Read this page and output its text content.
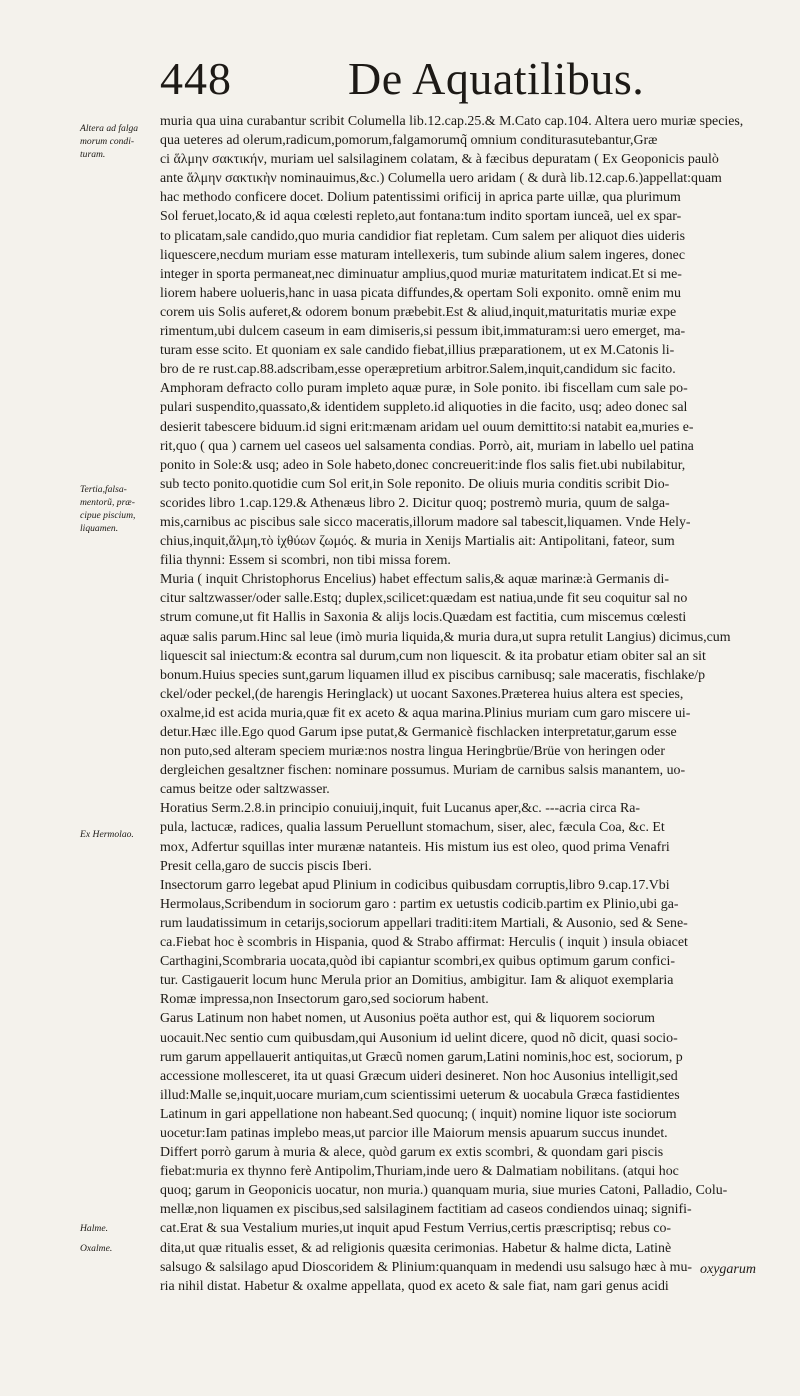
448	De Aquatilibus.
Altera ad falga
morum condi-
turam.
Tertia,falsa-
mentorũ, præ-
cipue piscium,
liquamen.
Ex Hermolao.
Halme.
Oxalme.
muria qua uina curabantur scribit Columella lib.12.cap.25.& M.Cato cap.104. Altera uero muriæ species,
qua ueteres ad olerum,radicum,pomorum,falgamorumq̃ omnium conditurasutebantur,Græ
ci ἅλμην σακτικήν, muriam uel salsilaginem colatam, & à fæcibus depuratam ( Ex Geoponicis paulò
ante ἅλμην σακτικὴν nominauimus,&c.) Columella uero aridam ( & durà lib.12.cap.6.)appellat:quam
hac methodo conficere docet. Dolium patentissimi orificij in aprica parte uillæ, qua plurimum
Sol feruet,locato,& id aqua cœlesti repleto,aut fontana:tum indito sportam iunceã, uel ex spar-
to plicatam,sale candido,quo muria candidior fiat repletam. Cum salem per aliquot dies uideris
liquescere,necdum muriam esse maturam intellexeris, tum subinde alium salem ingeres, donec
integer in sporta permaneat,nec diminuatur amplius,quod muriæ maturitatem indicat.Et si me-
liorem habere uolueris,hanc in uasa picata diffundes,& opertam Soli exponito. omnẽ enim mu
corem uis Solis auferet,& odorem bonum præbebit.Est & aliud,inquit,maturitatis muriæ expe
rimentum,ubi dulcem caseum in eam dimiseris,si pessum ibit,immaturam:si uero emerget, ma-
turam esse scito. Et quoniam ex sale candido fiebat,illius præparationem, ut ex M.Catonis li-
bro de re rust.cap.88.adscribam,esse operæpretium arbitror.Salem,inquit,candidum sic facito.
Amphoram defracto collo puram impleto aquæ puræ, in Sole ponito. ibi fiscellam cum sale po-
pulari suspendito,quassato,& identidem suppleto.id aliquoties in die facito, usq; adeo donec sal
desierit tabescere biduum.id signi erit:mænam aridam uel ouum demittito:si natabit ea,muries e-
rit,quo ( qua ) carnem uel caseos uel salsamenta condias. Porrò, ait, muriam in labello uel patina
ponito in Sole:& usq; adeo in Sole habeto,donec concreuerit:inde flos salis fiet.ubi nubilabitur,
sub tecto ponito.quotidie cum Sol erit,in Sole reponito. De oliuis muria conditis scribit Dio-
scorides libro 1.cap.129.& Athenæus libro 2. Dicitur quoq; postremò muria, quum de salga-
mis,carnibus ac piscibus sale sicco maceratis,illorum madore sal tabescit,liquamen. Vnde Hely-
chius,inquit,ἅλμη,τὸ ἰχθύων ζωμός. & muria in Xenijs Martialis ait: Antipolitani, fateor, sum
filia thynni: Essem si scombri, non tibi missa forem.
Muria ( inquit Christophorus Encelius) habet effectum salis,& aquæ marinæ:à Germanis di-
citur saltzwasser/oder salle.Estq; duplex,scilicet:quædam est natiua,unde fit seu coquitur sal no
strum comune,ut fit Hallis in Saxonia & alijs locis.Quædam est factitia, cum miscemus cœlesti
aquæ salis parum.Hinc sal leue (imò muria liquida,& muria dura,ut supra retulit Langius) dicimus,cum
liquescit sal iniectum:& econtra sal durum,cum non liquescit. & ita probatur etiam obiter sal an sit
bonum.Huius species sunt,garum liquamen illud ex piscibus carnibusq; sale maceratis, fischlake/p
ckel/oder peckel,(de harengis Heringlack) ut uocant Saxones.Præterea huius altera est species,
oxalme,id est acida muria,quæ fit ex aceto & aqua marina.Plinius muriam cum garo miscere ui-
detur.Hæc ille.Ego quod Garum ipse putat,& Germanicè fischlacken interpretatur,garum esse
non puto,sed alteram speciem muriæ:nos nostra lingua Heringbrüe/Brüe von heringen oder
dergleichen gesaltzner fischen: nominare possumus. Muriam de carnibus salsis manantem, uo-
camus beitze oder saltzwasser.
Horatius Serm.2.8.in principio conuiuij,inquit, fuit Lucanus aper,&c. ---acria circa Ra-
pula, lactucæ, radices, qualia lassum Peruellunt stomachum, siser, alec, fæcula Coa, &c. Et
mox, Adfertur squillas inter murænæ natanteis. His mistum ius est oleo, quod prima Venafri
Presit cella,garo de succis piscis Iberi.
Insectorum garro legebat apud Plinium in codicibus quibusdam corruptis,libro 9.cap.17.Vbi
Hermolaus,Scribendum in sociorum garo : partim ex uetustis codicib.partim ex Plinio,ubi ga-
rum laudatissimum in cetarijs,sociorum appellari traditi:item Martiali, & Ausonio, sed & Sene-
ca.Fiebat hoc è scombris in Hispania, quod & Strabo affirmat: Herculis ( inquit ) insula obiacet
Carthagini,Scombraria uocata,quòd ibi capiantur scombri,ex quibus optimum garum confici-
tur. Castigauerit locum hunc Merula prior an Domitius, ambigitur. Iam & aliquot exemplaria
Romæ impressa,non Insectorum garo,sed sociorum habent.
Garus Latinum non habet nomen, ut Ausonius poëta author est, qui & liquorem sociorum
uocauit.Nec sentio cum quibusdam,qui Ausonium id uelint dicere, quod nõ dicit, quasi socio-
rum garum appellauerit antiquitas,ut Græcũ nomen garum,Latini nominis,hoc est, sociorum, p
accessione mollesceret, ita ut quasi Græcum uideri desineret. Non hoc Ausonius intelligit,sed
illud:Malle se,inquit,uocare muriam,cum scientissimi ueterum & uocabula Græca fastidientes
Latinum in gari appellatione non habeant.Sed quocunq; ( inquit) nomine liquor iste sociorum
uocetur:Iam patinas implebo meas,ut parcior ille Maiorum mensis apuarum succus inundet.
Differt porrò garum à muria & alece, quòd garum ex extis scombri, & quondam gari piscis
fiebat:muria ex thynno ferè Antipolim,Thuriam,inde uero & Dalmatiam nobilitans. (atqui hoc
quoq; garum in Geoponicis uocatur, non muria.) quanquam muria, siue muries Catoni, Palladio, Colu-
mellæ,non liquamen ex piscibus,sed salsilaginem factitiam ad caseos condiendos uinaq; signifi-
cat.Erat & sua Vestalium muries,ut inquit apud Festum Verrius,certis præscriptisq; rebus co-
dita,ut quæ ritualis esset, & ad religionis quæsita cerimonias. Habetur & halme dicta, Latinè
salsugo & salsilago apud Dioscoridem & Plinium:quanquam in medendi usu salsugo hæc à mu-
ria nihil distat. Habetur & oxalme appellata, quod ex aceto & sale fiat, nam gari genus acidi
oxygarum
